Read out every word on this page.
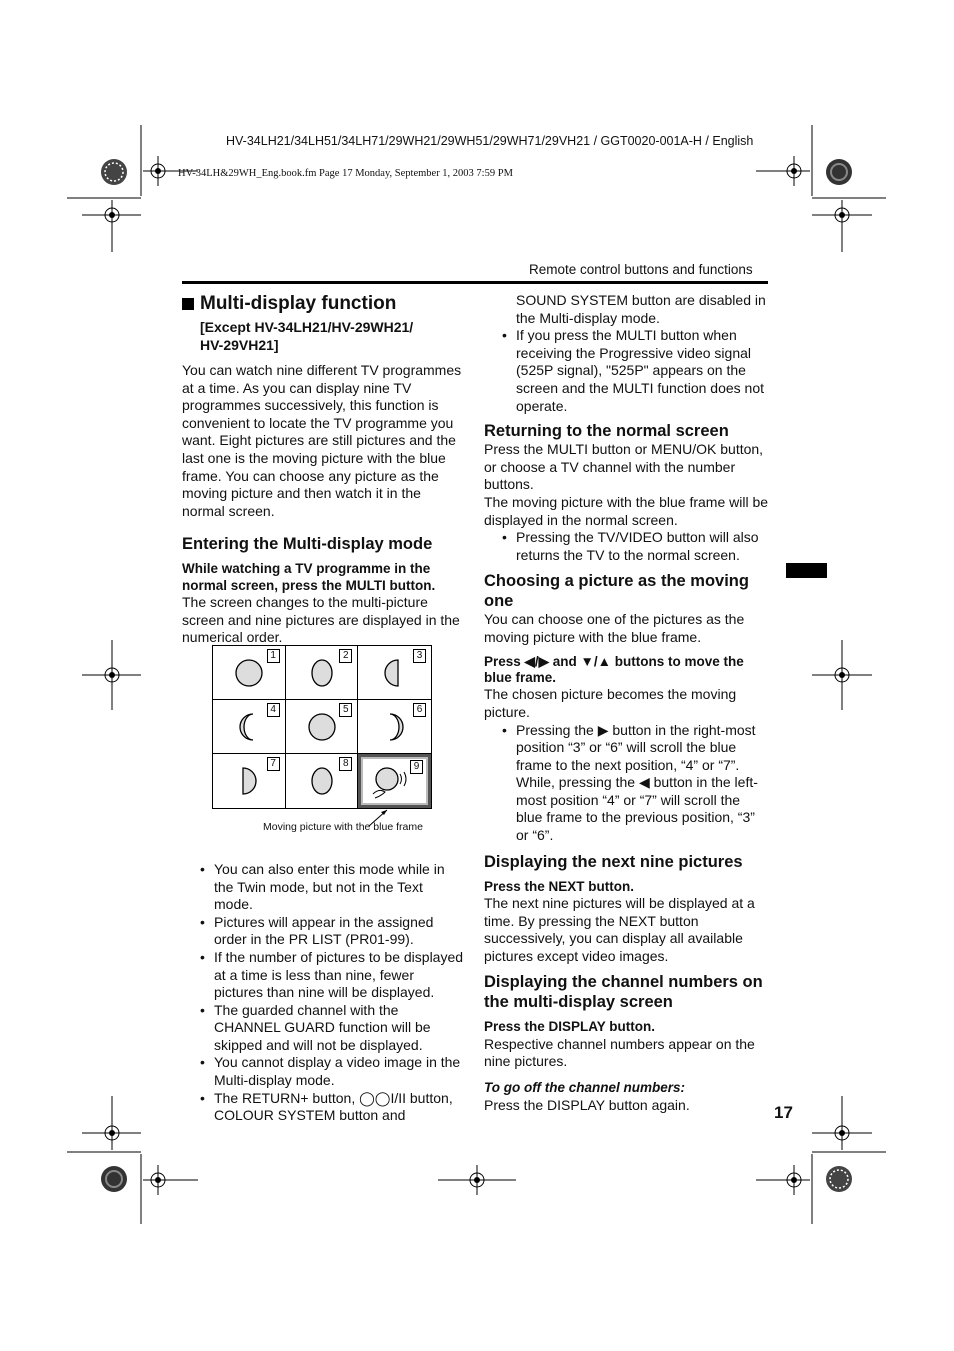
HV-34LH21/34LH51/34LH71/29WH21/29WH51/29WH71/29VH21 / GGT0020-001A-H / English
HV-34LH&29WH_Eng.book.fm Page 17 Monday, September 1, 2003 7:59 PM
Remote control buttons and functions
Multi-display function

[Except HV-34LH21/HV-29WH21/
HV-29VH21]

You can watch nine different TV programmes at a time. As you can display nine TV programmes successively, this function is convenient to locate the TV programme you want. Eight pictures are still pictures and the last one is the moving picture with the blue frame. You can choose any picture as the moving picture and then watch it in the normal screen.

Entering the Multi-display mode

While watching a TV programme in the normal screen, press the MULTI button.

The screen changes to the multi-picture screen and nine pictures are displayed in the numerical order.

• You can also enter this mode while in the Twin mode, but not in the Text mode.
• Pictures will appear in the assigned order in the PR LIST (PR01-99).
• If the number of pictures to be displayed at a time is less than nine, fewer pictures than nine will be displayed.
• The guarded channel with the CHANNEL GUARD function will be skipped and will not be displayed.
• You cannot display a video image in the Multi-display mode.
• The RETURN+ button, ◯◯I/II button, COLOUR SYSTEM button and
1	2	3
4	5	6
7	8	9
Moving picture with the blue frame

SOUND SYSTEM button are disabled in the Multi-display mode.

• If you press the MULTI button when receiving the Progressive video signal (525P signal), "525P" appears on the screen and the MULTI function does not operate.

Returning to the normal screen

Press the MULTI button or MENU/OK button, or choose a TV channel with the number buttons.

The moving picture with the blue frame will be displayed in the normal screen.

• Pressing the TV/VIDEO button will also returns the TV to the normal screen.

Choosing a picture as the moving one

You can choose one of the pictures as the moving picture with the blue frame.

Press ◀/▶ and ▼/▲ buttons to move the blue frame.

The chosen picture becomes the moving picture.

• Pressing the ▶ button in the right-most position “3” or “6” will scroll the blue frame to the next position, “4” or “7”. While, pressing the ◀ button in the left-most position “4” or “7” will scroll the blue frame to the previous position, “3” or “6”.

Displaying the next nine pictures

Press the NEXT button.

The next nine pictures will be displayed at a time. By pressing the NEXT button successively, you can display all available pictures except video images.

Displaying the channel numbers on the multi-display screen

Press the DISPLAY button.

Respective channel numbers appear on the nine pictures.

To go off the channel numbers:

Press the DISPLAY button again.	17
